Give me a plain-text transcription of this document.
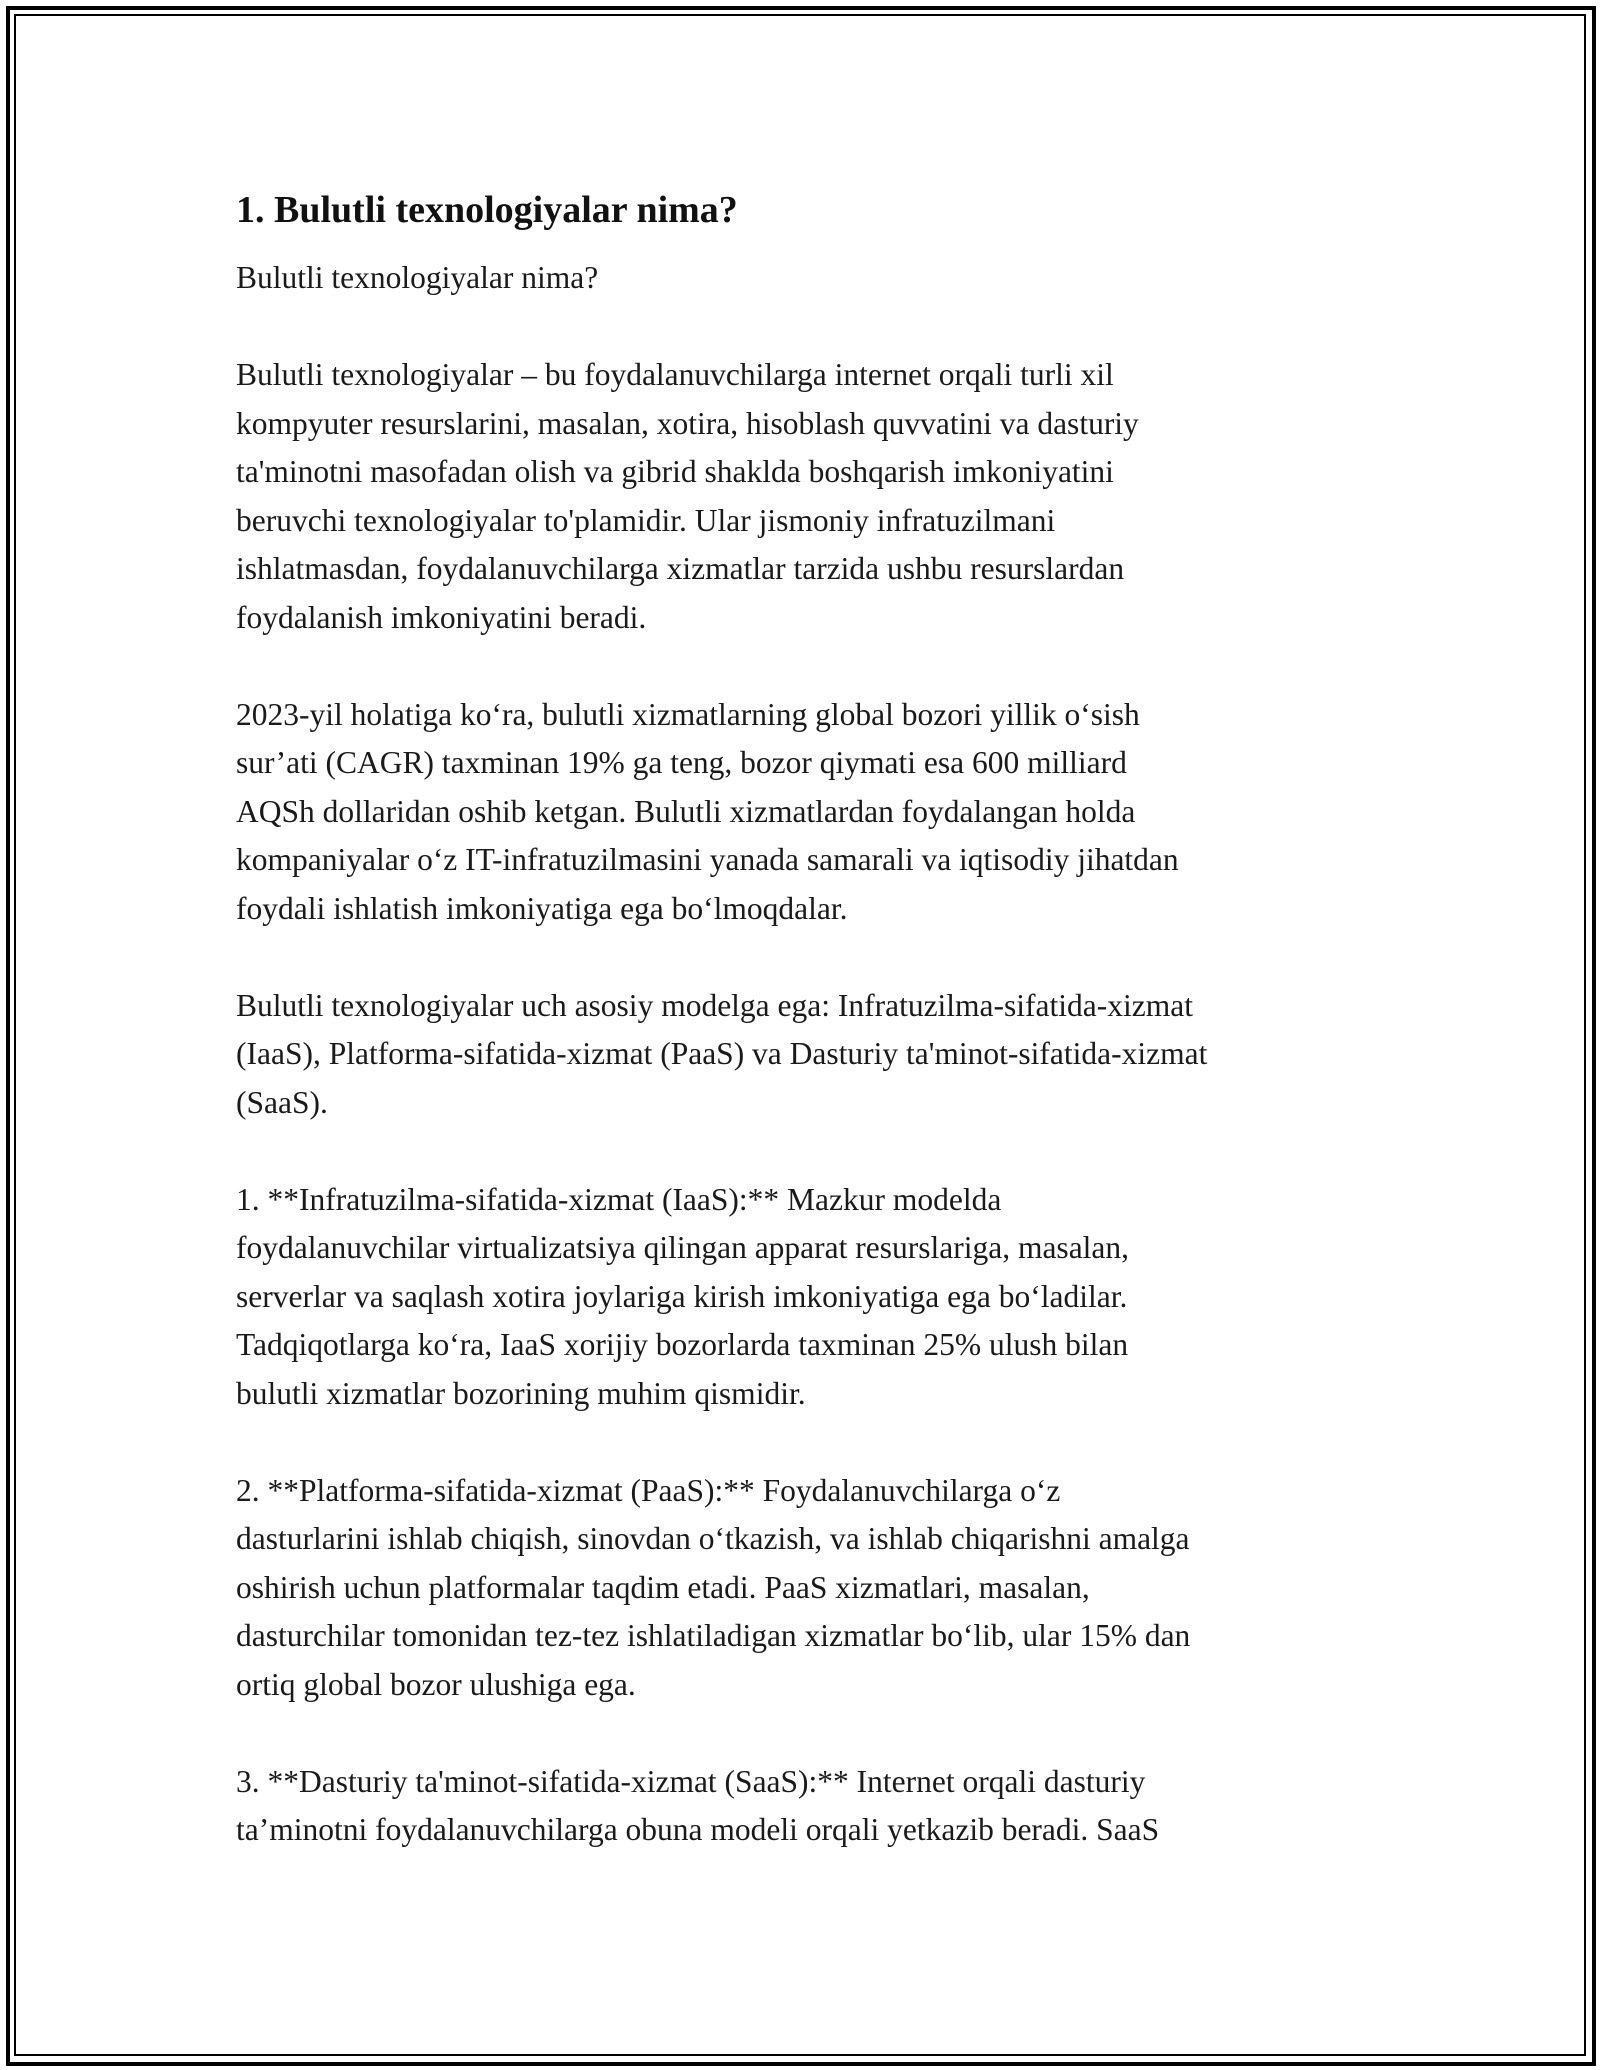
1. Bulutli texnologiyalar nima?

Bulutli texnologiyalar nima?

Bulutli texnologiyalar – bu foydalanuvchilarga internet orqali turli xil
kompyuter resurslarini, masalan, xotira, hisoblash quvvatini va dasturiy
ta'minotni masofadan olish va gibrid shaklda boshqarish imkoniyatini
beruvchi texnologiyalar to'plamidir. Ular jismoniy infratuzilmani
ishlatmasdan, foydalanuvchilarga xizmatlar tarzida ushbu resurslardan
foydalanish imkoniyatini beradi.

2023-yil holatiga koʻra, bulutli xizmatlarning global bozori yillik oʻsish
sur’ati (CAGR) taxminan 19% ga teng, bozor qiymati esa 600 milliard
AQSh dollaridan oshib ketgan. Bulutli xizmatlardan foydalangan holda
kompaniyalar oʻz IT-infratuzilmasini yanada samarali va iqtisodiy jihatdan
foydali ishlatish imkoniyatiga ega boʻlmoqdalar.

Bulutli texnologiyalar uch asosiy modelga ega: Infratuzilma-sifatida-xizmat
(IaaS), Platforma-sifatida-xizmat (PaaS) va Dasturiy ta'minot-sifatida-xizmat
(SaaS).

1. **Infratuzilma-sifatida-xizmat (IaaS):** Mazkur modelda
foydalanuvchilar virtualizatsiya qilingan apparat resurslariga, masalan,
serverlar va saqlash xotira joylariga kirish imkoniyatiga ega boʻladilar.
Tadqiqotlarga koʻra, IaaS xorijiy bozorlarda taxminan 25% ulush bilan
bulutli xizmatlar bozorining muhim qismidir.

2. **Platforma-sifatida-xizmat (PaaS):** Foydalanuvchilarga oʻz
dasturlarini ishlab chiqish, sinovdan oʻtkazish, va ishlab chiqarishni amalga
oshirish uchun platformalar taqdim etadi. PaaS xizmatlari, masalan,
dasturchilar tomonidan tez-tez ishlatiladigan xizmatlar boʻlib, ular 15% dan
ortiq global bozor ulushiga ega.

3. **Dasturiy ta'minot-sifatida-xizmat (SaaS):** Internet orqali dasturiy
ta’minotni foydalanuvchilarga obuna modeli orqali yetkazib beradi. SaaS
